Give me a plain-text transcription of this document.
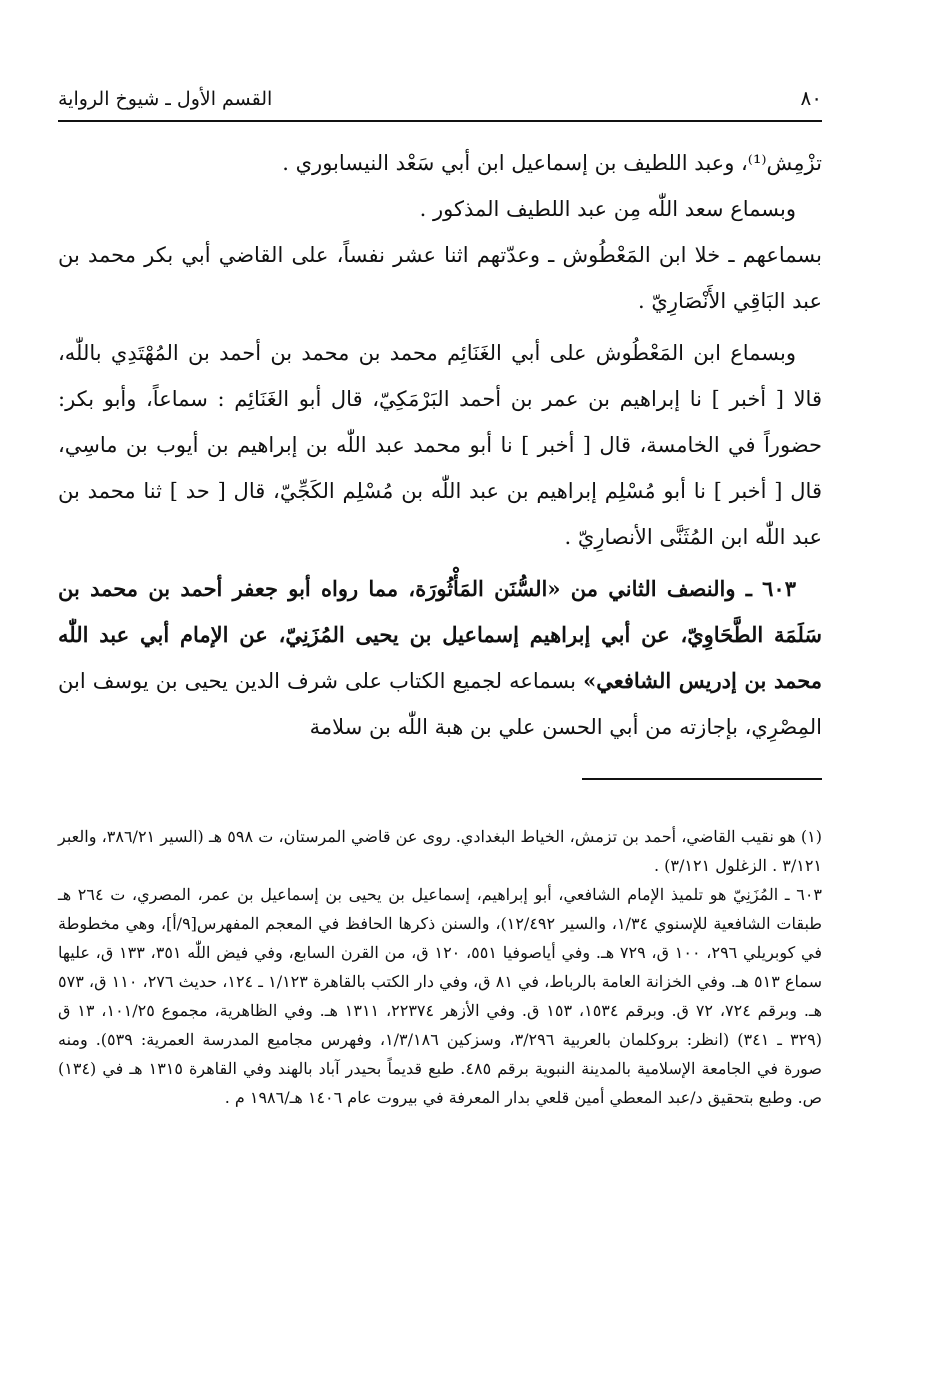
٨٠
القسم الأول ـ شيوخ الرواية

تزْمِش⁽¹⁾، وعبد اللطيف بن إسماعيل ابن أبي سَعْد النيسابوري .

وبسماع سعد اللّٰه مِن عبد اللطيف المذكور .

بسماعهم ـ خلا ابن المَعْطُوش ـ وعدّتهم اثنا عشر نفساً، على القاضي أبي بكر محمد بن عبد البَاقِي الأَنْصَارِيّ .

وبسماع ابن المَعْطُوش على أبي الغَنَائِم محمد بن محمد بن أحمد بن المُهْتَدِي باللّٰه، قالا [ أخبر ] نا إبراهيم بن عمر بن أحمد البَرْمَكِيّ، قال أبو الغَنَائِم : سماعاً، وأبو بكر: حضوراً في الخامسة، قال [ أخبر ] نا أبو محمد عبد اللّٰه بن إبراهيم بن أيوب بن ماسِي، قال [ أخبر ] نا أبو مُسْلِم إبراهيم بن عبد اللّٰه بن مُسْلِم الكَجِّيّ، قال [ حد ] ثنا محمد بن عبد اللّٰه ابن المُثَنَّى الأنصارِيّ .

٦٠٣ ـ والنصف الثاني من «السُّنَن المَأْثُورَة، مما رواه أبو جعفر أحمد بن محمد بن سَلَمَة الطَّحَاوِيّ، عن أبي إبراهيم إسماعيل بن يحيى المُزَنِيّ، عن الإمام أبي عبد اللّٰه محمد بن إدريس الشافعي» بسماعه لجميع الكتاب على شرف الدين يحيى بن يوسف ابن المِصْرِي، بإجازته من أبي الحسن علي بن هبة اللّٰه بن سلامة

(١) هو نقيب القاضي، أحمد بن تزمش، الخياط البغدادي. روى عن قاضي المرستان، ت ٥٩٨ هـ (السير ٣٨٦/٢١، والعبر ٣/١٢١ . الزغلول ٣/١٢١) .

٦٠٣ ـ المُزَنِيّ هو تلميذ الإمام الشافعي، أبو إبراهيم، إسماعيل بن يحيى بن إسماعيل بن عمر، المصري، ت ٢٦٤ هـ طبقات الشافعية للإسنوي ١/٣٤، والسير ١٢/٤٩٢)، والسنن ذكرها الحافظ في المعجم المفهرس[٩/أ]، وهي مخطوطة في كوبريلي ٢٩٦، ١٠٠ ق، ٧٢٩ هـ. وفي أياصوفيا ٥٥١، ١٢٠ ق، من القرن السابع، وفي فيض اللّٰه ٣٥١، ١٣٣ ق، عليها سماع ٥١٣ هـ. وفي الخزانة العامة بالرباط، في ٨١ ق، وفي دار الكتب بالقاهرة ١/١٢٣ ـ ١٢٤، حديث ٢٧٦، ١١٠ ق، ٥٧٣ هـ. وبرقم ٧٢٤، ٧٢ ق. وبرقم ١٥٣٤، ١٥٣ ق. وفي الأزهر ٢٢٣٧٤، ١٣١١ هـ. وفي الظاهرية، مجموع ١٠١/٢٥، ١٣ ق (٣٢٩ ـ ٣٤١) (انظر: بروكلمان بالعربية ٣/٢٩٦، وسزكين ١/٣/١٨٦، وفهرس مجاميع المدرسة العمرية: ٥٣٩). ومنه صورة في الجامعة الإسلامية بالمدينة النبوية برقم ٤٨٥. طبع قديماً بحيدر آباد بالهند وفي القاهرة ١٣١٥ هـ في (١٣٤) ص. وطبع بتحقيق د/عبد المعطي أمين قلعي بدار المعرفة في بيروت عام ١٤٠٦ هـ/١٩٨٦ م .
